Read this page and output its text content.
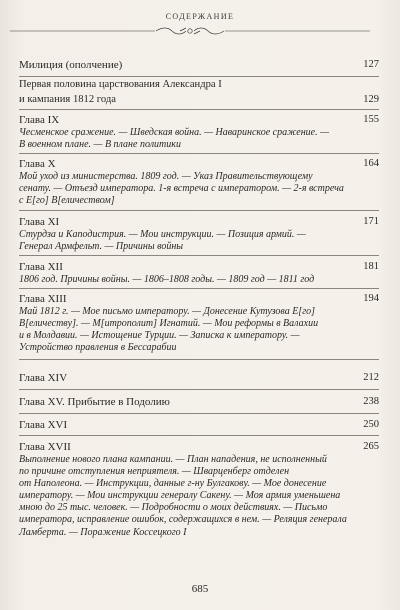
СОДЕРЖАНИЕ
Милиция (ополчение)	127
Первая половина царствования Александра I
и кампания 1812 года	129
Глава IX	155
Чесменское сражение. — Шведская война. — Наваринское сражение. —
В военном плане. — В плане политики
Глава X	164
Мой уход из министерства. 1809 год. — Указ Правительствующему
сенату. — Отъезд императора. 1-я встреча с императором. — 2-я встреча
с Е[го] В[еличеством]
Глава XI	171
Стурдза и Каподистрия. — Мои инструкции. — Позиция армий. —
Генерал Армфельт. — Причины войны
Глава XII	181
1806 год. Причины войны. — 1806–1808 годы. — 1809 год — 1811 год
Глава XIII	194
Май 1812 г. — Мое письмо императору. — Донесение Кутузова Е[го]
В[еличеству]. — М[итрополит] Игнатий. — Мои реформы в Валахии
и в Молдавии. — Истощение Турции. — Записка к императору. —
Устройство правления в Бессарабии
Глава XIV	212
Глава XV. Прибытие в Подолию	238
Глава XVI	250
Глава XVII	265
Выполнение нового плана кампании. — План нападения, не исполненный
по причине отступления неприятеля. — Шварценберг отделен
от Наполеона. — Инструкции, данные г-ну Булгакову. — Мое донесение
императору. — Мои инструкции генералу Сакену. — Моя армия уменьшена
мною до 25 тыс. человек. — Подробности о моих действиях. — Письмо
императора, исправление ошибок, содержащихся в нем. — Реляция генерала
Ламберта. — Поражение Коссецкого I
685
